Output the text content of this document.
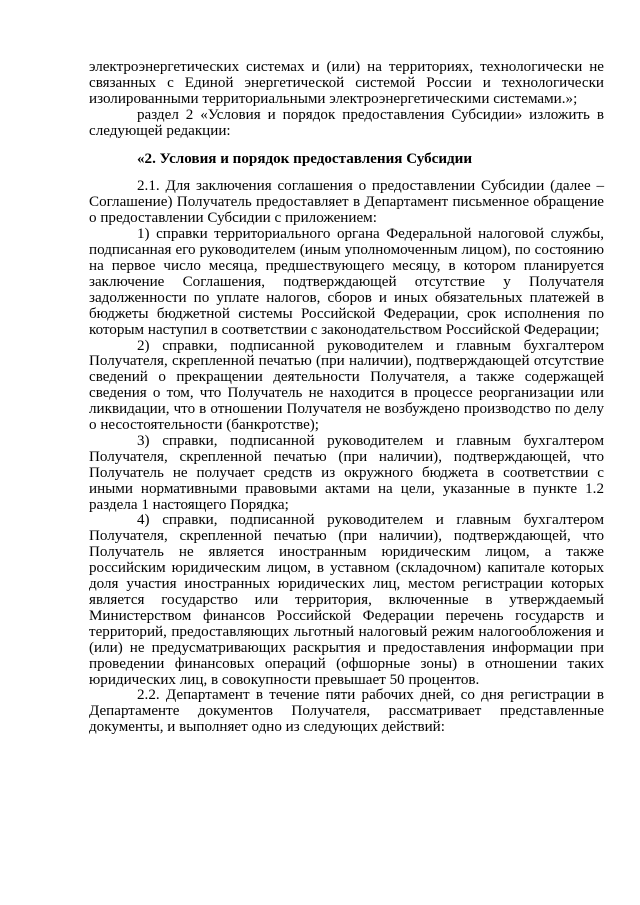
электроэнергетических системах и (или) на территориях, технологически не связанных с Единой энергетической системой России и технологически изолированными территориальными электроэнергетическими системами.»;

раздел 2 «Условия и порядок предоставления Субсидии» изложить в следующей редакции:

«2. Условия и порядок предоставления Субсидии

2.1. Для заключения соглашения о предоставлении Субсидии (далее – Соглашение) Получатель предоставляет в Департамент письменное обращение о предоставлении Субсидии с приложением:

1) справки территориального органа Федеральной налоговой службы, подписанная его руководителем (иным уполномоченным лицом), по состоянию на первое число месяца, предшествующего месяцу, в котором планируется заключение Соглашения, подтверждающей отсутствие у Получателя задолженности по уплате налогов, сборов и иных обязательных платежей в бюджеты бюджетной системы Российской Федерации, срок исполнения по которым наступил в соответствии с законодательством Российской Федерации;

2) справки, подписанной руководителем и главным бухгалтером Получателя, скрепленной печатью (при наличии), подтверждающей отсутствие сведений о прекращении деятельности Получателя, а также содержащей сведения о том, что Получатель не находится в процессе реорганизации или ликвидации, что в отношении Получателя не возбуждено производство по делу о несостоятельности (банкротстве);

3) справки, подписанной руководителем и главным бухгалтером Получателя, скрепленной печатью (при наличии), подтверждающей, что Получатель не получает средств из окружного бюджета в соответствии с иными нормативными правовыми актами на цели, указанные в пункте 1.2 раздела 1 настоящего Порядка;

4) справки, подписанной руководителем и главным бухгалтером Получателя, скрепленной печатью (при наличии), подтверждающей, что Получатель не является иностранным юридическим лицом, а также российским юридическим лицом, в уставном (складочном) капитале которых доля участия иностранных юридических лиц, местом регистрации которых является государство или территория, включенные в утверждаемый Министерством финансов Российской Федерации перечень государств и территорий, предоставляющих льготный налоговый режим налогообложения и (или) не предусматривающих раскрытия и предоставления информации при проведении финансовых операций (офшорные зоны) в отношении таких юридических лиц, в совокупности превышает 50 процентов.

2.2. Департамент в течение пяти рабочих дней, со дня регистрации в Департаменте документов Получателя, рассматривает представленные документы, и выполняет одно из следующих действий:
